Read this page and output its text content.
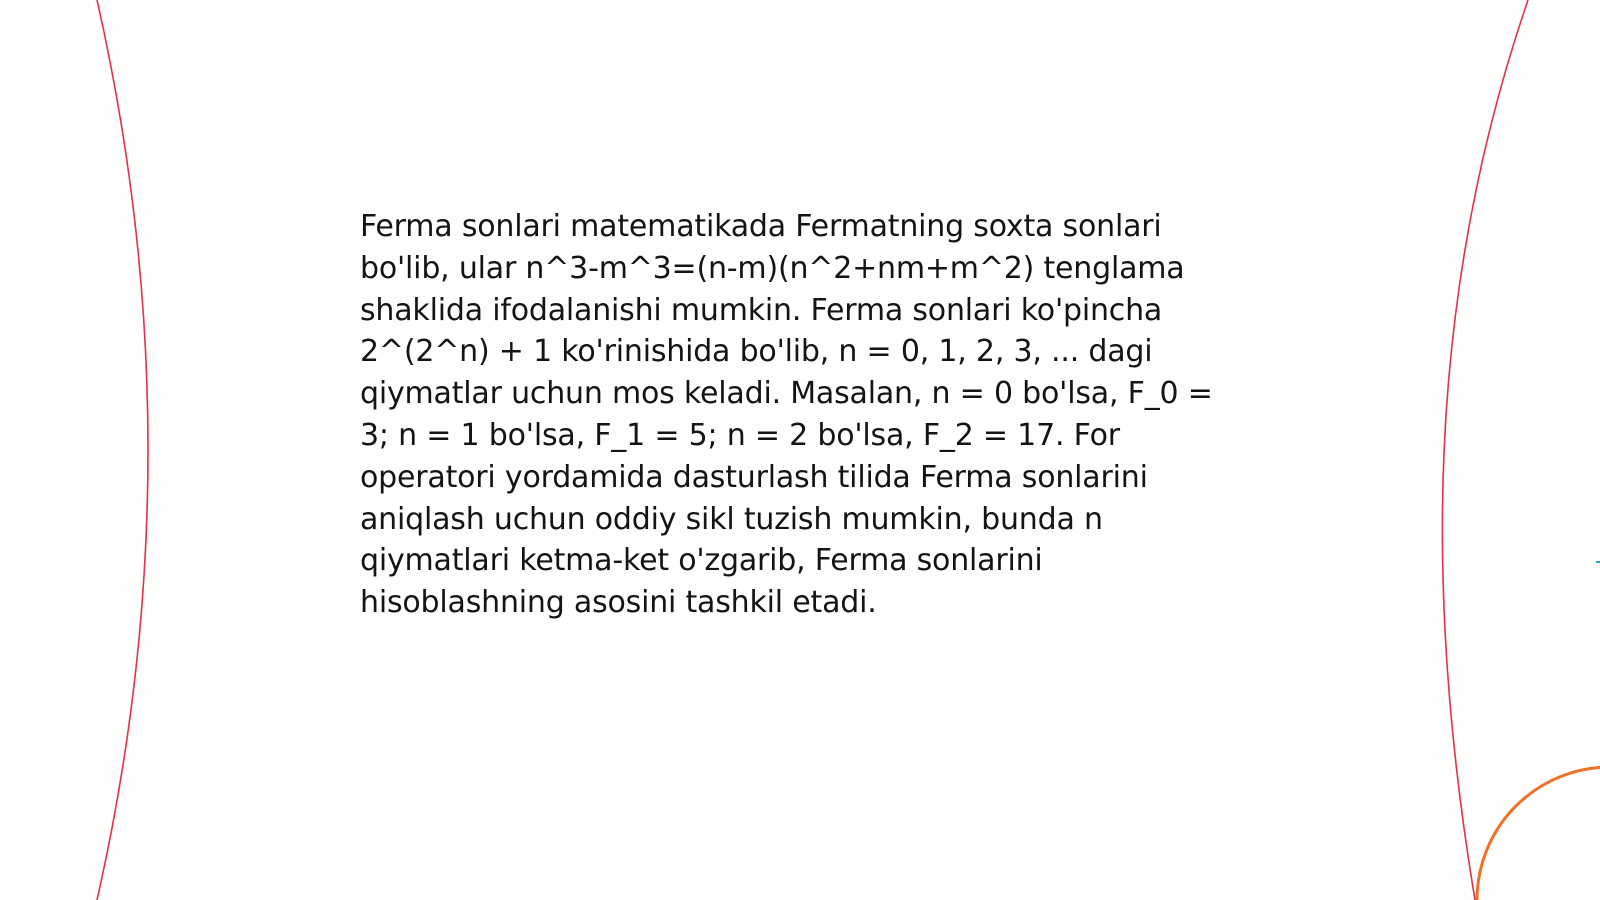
Ferma sonlari matematikada Fermatning soxta sonlari bo'lib, ular n^3-m^3=(n-m)(n^2+nm+m^2) tenglama shaklida ifodalanishi mumkin. Ferma sonlari ko'pincha 2^(2^n) + 1 ko'rinishida bo'lib, n = 0, 1, 2, 3, ... dagi qiymatlar uchun mos keladi. Masalan, n = 0 bo'lsa, F_0 = 3; n = 1 bo'lsa, F_1 = 5; n = 2 bo'lsa, F_2 = 17. For operatori yordamida dasturlash tilida Ferma sonlarini aniqlash uchun oddiy sikl tuzish mumkin, bunda n qiymatlari ketma-ket o'zgarib, Ferma sonlarini hisoblashning asosini tashkil etadi.
